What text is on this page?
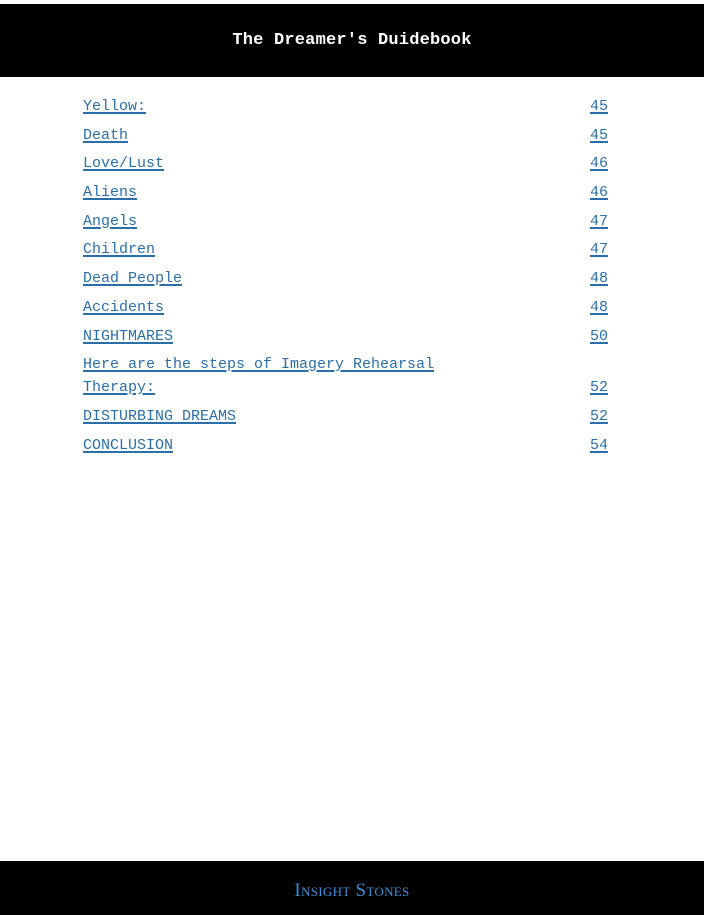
The Dreamer's Duidebook
Yellow:	45
Death	45
Love/Lust	46
Aliens	46
Angels	47
Children	47
Dead People	48
Accidents	48
NIGHTMARES	50
Here are the steps of Imagery Rehearsal Therapy:	52
DISTURBING DREAMS	52
CONCLUSION	54
Insight Stones
